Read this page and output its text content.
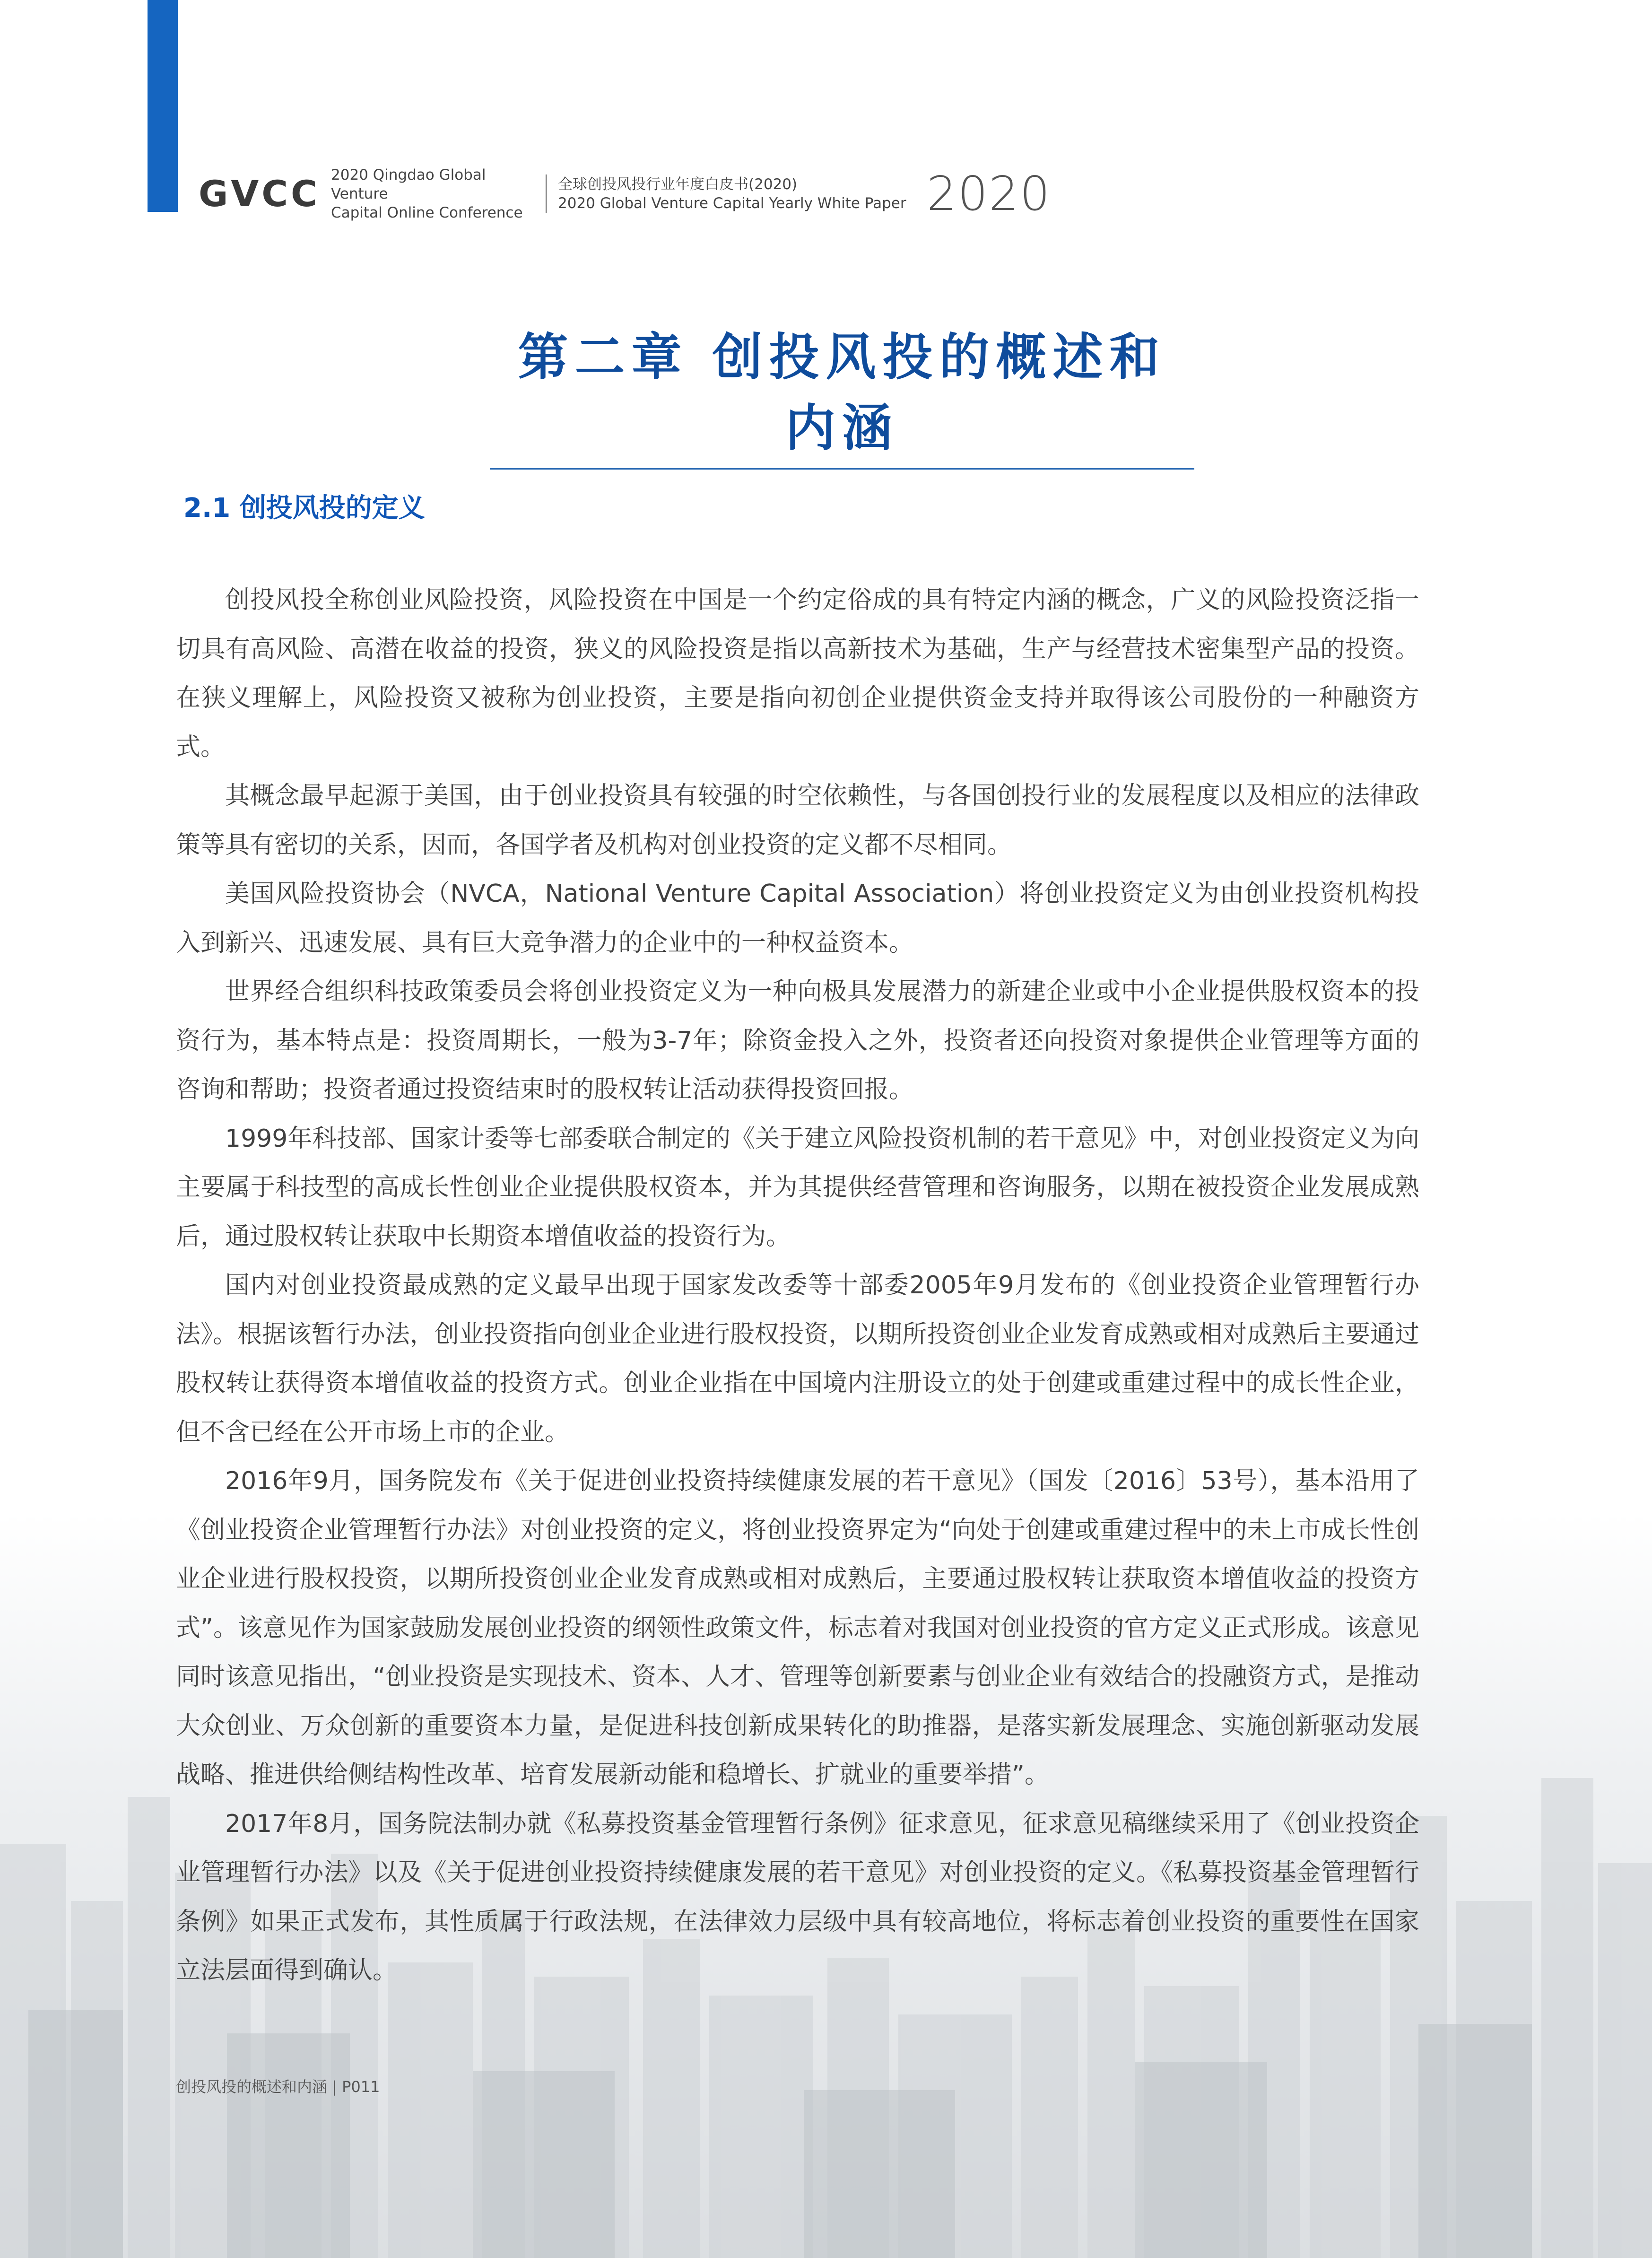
GVCC 2020 Qingdao Global Venture
Capital Online Conference
全球创投风投行业年度白皮书(2020)
2020 Global Venture Capital Yearly White Paper 2020
第二章 创投风投的概述和内涵
2.1 创投风投的定义

创投风投全称创业风险投资，风险投资在中国是一个约定俗成的具有特定内涵的概念，广义的风险投资泛指一切具有高风险、高潜在收益的投资，狭义的风险投资是指以高新技术为基础，生产与经营技术密集型产品的投资。在狭义理解上，风险投资又被称为创业投资，主要是指向初创企业提供资金支持并取得该公司股份的一种融资方式。

其概念最早起源于美国，由于创业投资具有较强的时空依赖性，与各国创投行业的发展程度以及相应的法律政策等具有密切的关系，因而，各国学者及机构对创业投资的定义都不尽相同。

美国风险投资协会（NVCA，National Venture Capital Association）将创业投资定义为由创业投资机构投入到新兴、迅速发展、具有巨大竞争潜力的企业中的一种权益资本。

世界经合组织科技政策委员会将创业投资定义为一种向极具发展潜力的新建企业或中小企业提供股权资本的投资行为，基本特点是：投资周期长，一般为3-7年；除资金投入之外，投资者还向投资对象提供企业管理等方面的咨询和帮助；投资者通过投资结束时的股权转让活动获得投资回报。

1999年科技部、国家计委等七部委联合制定的《关于建立风险投资机制的若干意见》中，对创业投资定义为向主要属于科技型的高成长性创业企业提供股权资本，并为其提供经营管理和咨询服务，以期在被投资企业发展成熟后，通过股权转让获取中长期资本增值收益的投资行为。

国内对创业投资最成熟的定义最早出现于国家发改委等十部委2005年9月发布的《创业投资企业管理暂行办法》。根据该暂行办法，创业投资指向创业企业进行股权投资，以期所投资创业企业发育成熟或相对成熟后主要通过股权转让获得资本增值收益的投资方式。创业企业指在中国境内注册设立的处于创建或重建过程中的成长性企业，但不含已经在公开市场上市的企业。

2016年9月，国务院发布《关于促进创业投资持续健康发展的若干意见》（国发〔2016〕53号），基本沿用了《创业投资企业管理暂行办法》对创业投资的定义，将创业投资界定为“向处于创建或重建过程中的未上市成长性创业企业进行股权投资，以期所投资创业企业发育成熟或相对成熟后，主要通过股权转让获取资本增值收益的投资方式”。该意见作为国家鼓励发展创业投资的纲领性政策文件，标志着对我国对创业投资的官方定义正式形成。该意见同时该意见指出，“创业投资是实现技术、资本、人才、管理等创新要素与创业企业有效结合的投融资方式，是推动大众创业、万众创新的重要资本力量，是促进科技创新成果转化的助推器，是落实新发展理念、实施创新驱动发展战略、推进供给侧结构性改革、培育发展新动能和稳增长、扩就业的重要举措”。

2017年8月，国务院法制办就《私募投资基金管理暂行条例》征求意见，征求意见稿继续采用了《创业投资企业管理暂行办法》以及《关于促进创业投资持续健康发展的若干意见》对创业投资的定义。《私募投资基金管理暂行条例》如果正式发布，其性质属于行政法规，在法律效力层级中具有较高地位，将标志着创业投资的重要性在国家立法层面得到确认。

创投风投的概述和内涵 | P011
